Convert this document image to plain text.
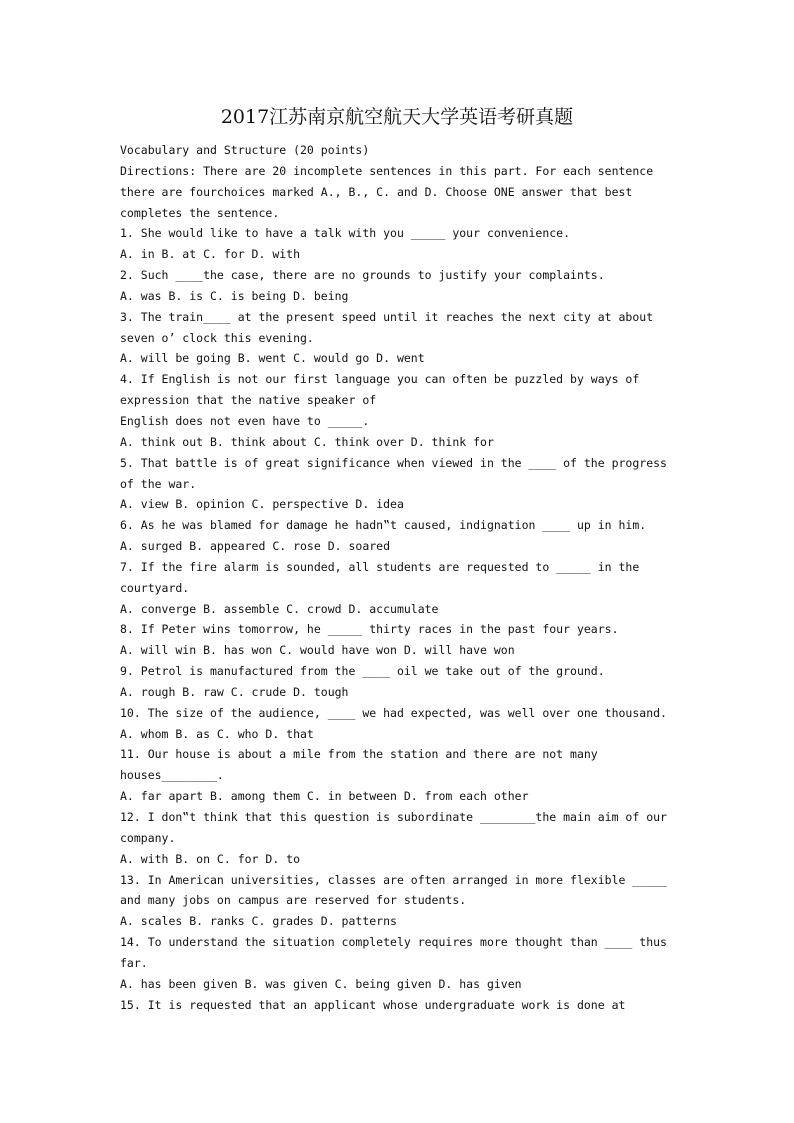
2017江苏南京航空航天大学英语考研真题
Vocabulary and Structure (20 points)
Directions: There are 20 incomplete sentences in this part. For each sentence
there are fourchoices marked A., B., C. and D. Choose ONE answer that best
completes the sentence.
1. She would like to have a talk with you _____ your convenience.
A. in B. at C. for D. with
2. Such ____the case, there are no grounds to justify your complaints.
A. was B. is C. is being D. being
3. The train____ at the present speed until it reaches the next city at about
seven o’ clock this evening.
A. will be going B. went C. would go D. went
4. If English is not our first language you can often be puzzled by ways of
expression that the native speaker of
English does not even have to _____.
A. think out B. think about C. think over D. think for
5. That battle is of great significance when viewed in the ____ of the progress
of the war.
A. view B. opinion C. perspective D. idea
6. As he was blamed for damage he hadn‟t caused, indignation ____ up in him.
A. surged B. appeared C. rose D. soared
7. If the fire alarm is sounded, all students are requested to _____ in the
courtyard.
A. converge B. assemble C. crowd D. accumulate
8. If Peter wins tomorrow, he _____ thirty races in the past four years.
A. will win B. has won C. would have won D. will have won
9. Petrol is manufactured from the ____ oil we take out of the ground.
A. rough B. raw C. crude D. tough
10. The size of the audience, ____ we had expected, was well over one thousand.
A. whom B. as C. who D. that
11. Our house is about a mile from the station and there are not many
houses________.
A. far apart B. among them C. in between D. from each other
12. I don‟t think that this question is subordinate ________the main aim of our
company.
A. with B. on C. for D. to
13. In American universities, classes are often arranged in more flexible _____
and many jobs on campus are reserved for students.
A. scales B. ranks C. grades D. patterns
14. To understand the situation completely requires more thought than ____ thus
far.
A. has been given B. was given C. being given D. has given
15. It is requested that an applicant whose undergraduate work is done at
